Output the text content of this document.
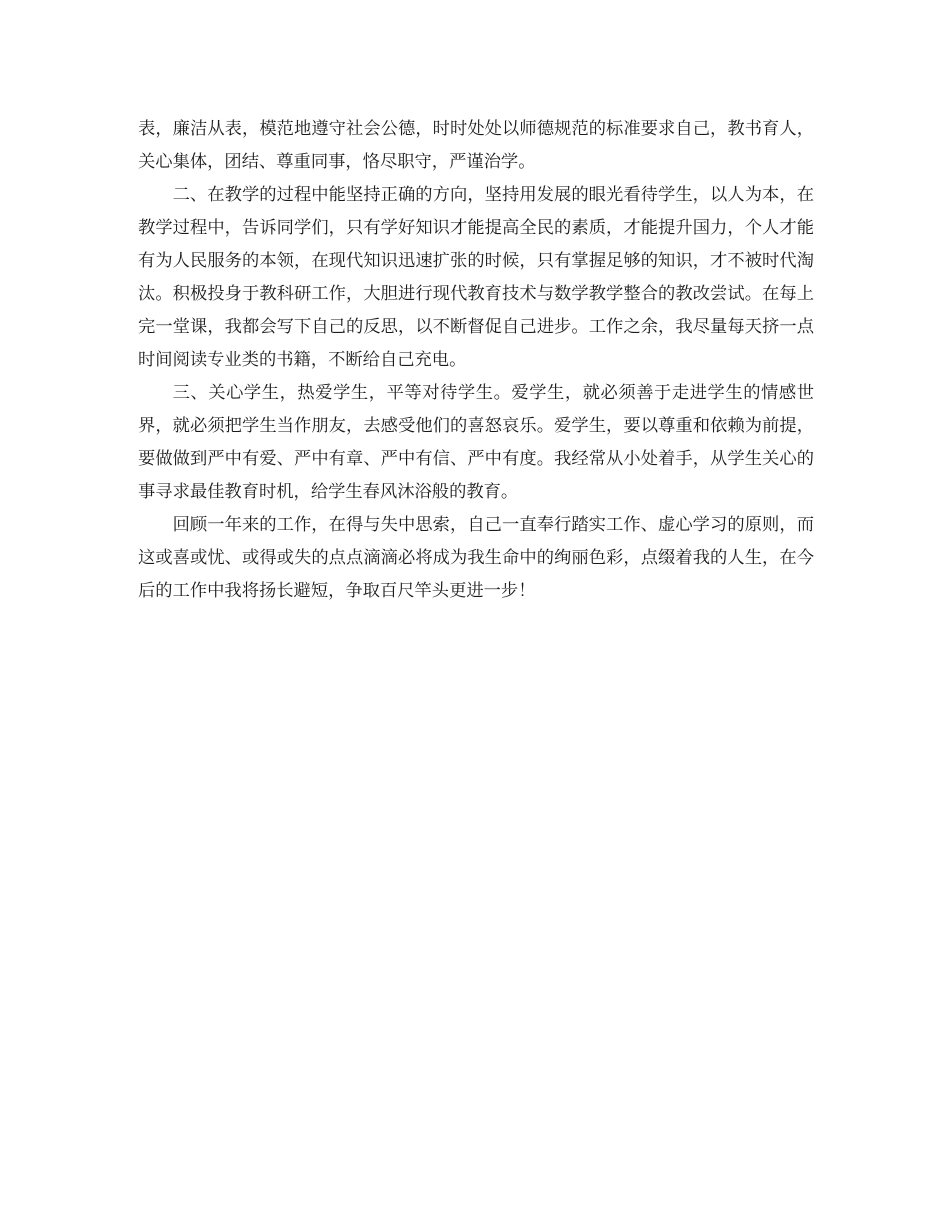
表，廉洁从表，模范地遵守社会公德，时时处处以师德规范的标准要求自己，教书育人，关心集体，团结、尊重同事，恪尽职守，严谨治学。

二、在教学的过程中能坚持正确的方向，坚持用发展的眼光看待学生，以人为本，在教学过程中，告诉同学们，只有学好知识才能提高全民的素质，才能提升国力，个人才能有为人民服务的本领，在现代知识迅速扩张的时候，只有掌握足够的知识，才不被时代淘汰。积极投身于教科研工作，大胆进行现代教育技术与数学教学整合的教改尝试。在每上完一堂课，我都会写下自己的反思，以不断督促自己进步。工作之余，我尽量每天挤一点时间阅读专业类的书籍，不断给自己充电。

三、关心学生，热爱学生，平等对待学生。爱学生，就必须善于走进学生的情感世界，就必须把学生当作朋友，去感受他们的喜怒哀乐。爱学生，要以尊重和依赖为前提，要做做到严中有爱、严中有章、严中有信、严中有度。我经常从小处着手，从学生关心的事寻求最佳教育时机，给学生春风沐浴般的教育。

回顾一年来的工作，在得与失中思索，自己一直奉行踏实工作、虚心学习的原则，而这或喜或忧、或得或失的点点滴滴必将成为我生命中的绚丽色彩，点缀着我的人生，在今后的工作中我将扬长避短，争取百尺竿头更进一步！
